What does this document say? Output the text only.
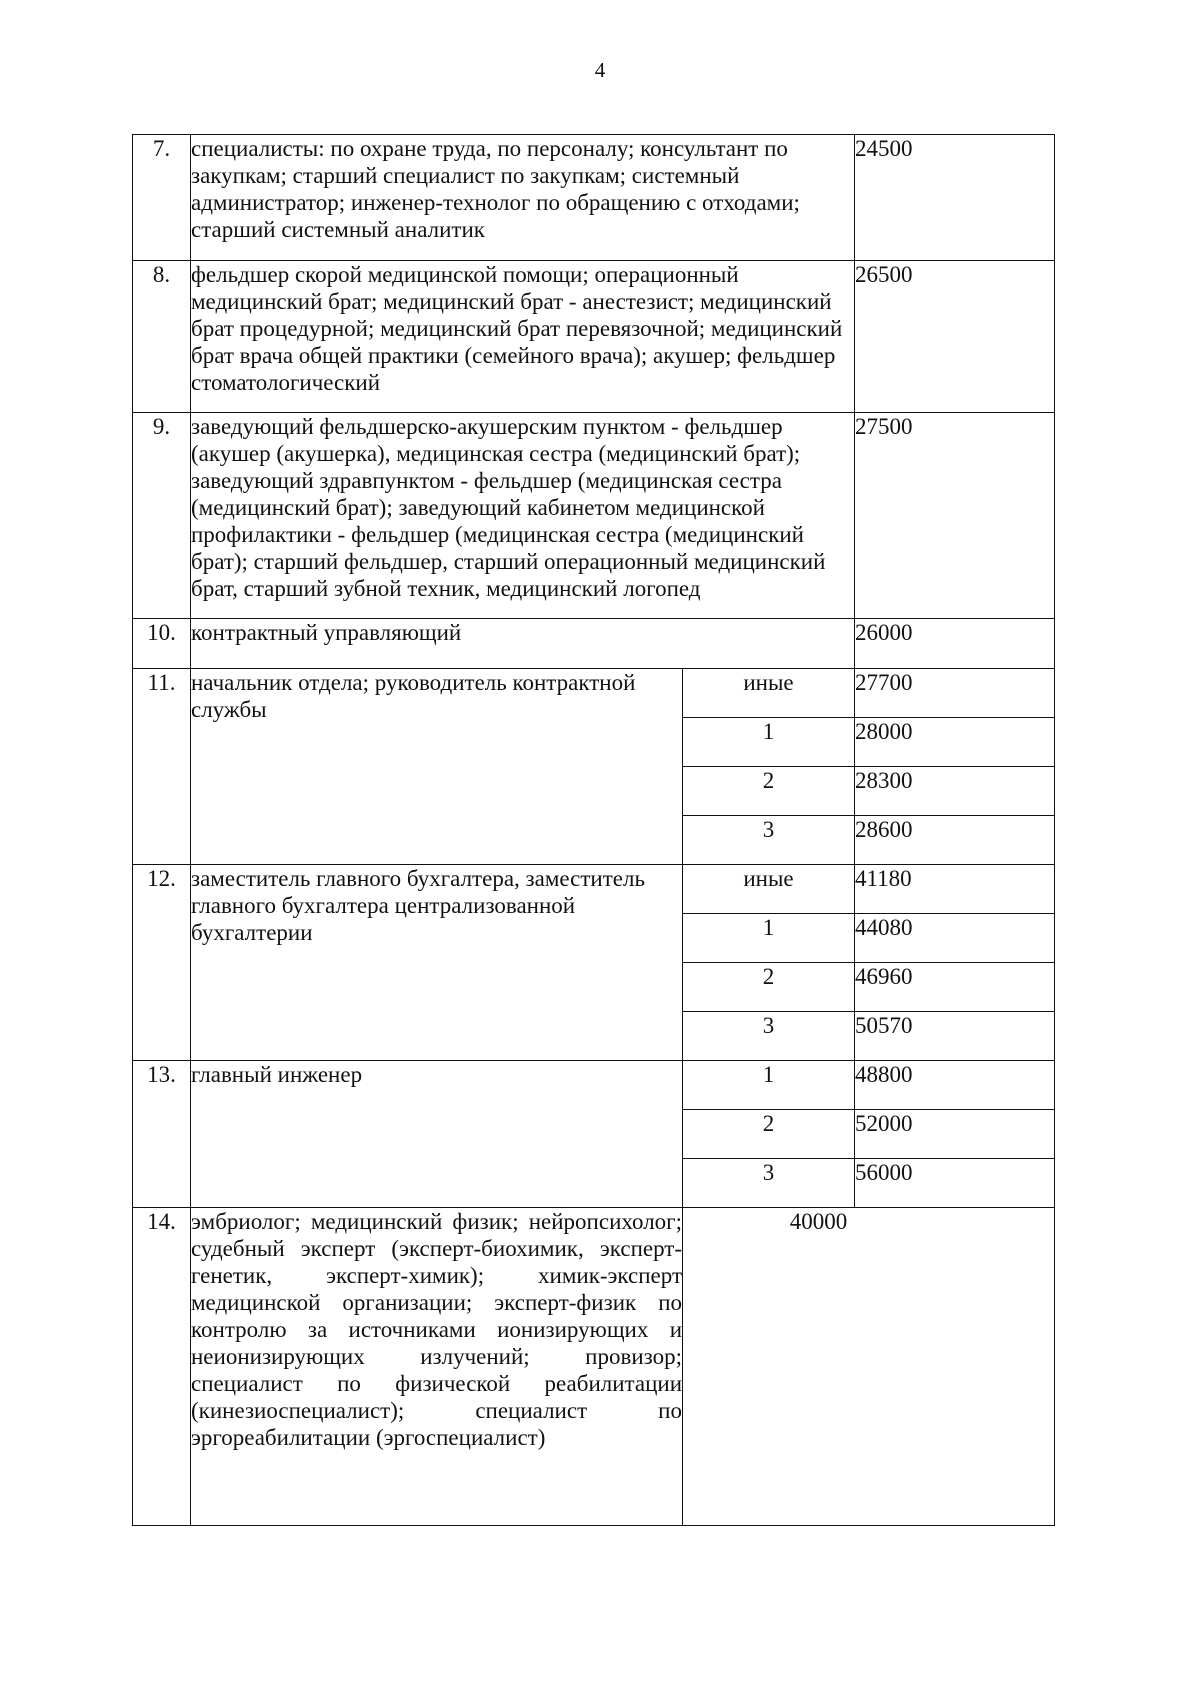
4
7.	специалисты: по охране труда, по персоналу; консультант по закупкам; старший специалист по закупкам; системный администратор; инженер-технолог по обращению с отходами; старший системный аналитик		24500
8.	фельдшер скорой медицинской помощи; операционный медицинский брат; медицинский брат - анестезист; медицинский брат процедурной; медицинский брат перевязочной; медицинский брат врача общей практики (семейного врача); акушер; фельдшер стоматологический		26500
9.	заведующий фельдшерско-акушерским пунктом - фельдшер (акушер (акушерка), медицинская сестра (медицинский брат); заведующий здравпунктом - фельдшер (медицинская сестра (медицинский брат); заведующий кабинетом медицинской профилактики - фельдшер (медицинская сестра (медицинский брат); старший фельдшер, старший операционный медицинский брат, старший зубной техник, медицинский логопед		27500
10.	контрактный управляющий		26000
11.	начальник отдела; руководитель контрактной службы	иные	27700
		1	28000
		2	28300
		3	28600
12.	заместитель главного бухгалтера, заместитель главного бухгалтера централизованной бухгалтерии	иные	41180
		1	44080
		2	46960
		3	50570
13.	главный инженер	1	48800
		2	52000
		3	56000
14.	эмбриолог; медицинский физик; нейропсихолог; судебный эксперт (эксперт-биохимик, эксперт-генетик, эксперт-химик); химик-эксперт медицинской организации; эксперт-физик по контролю за источниками ионизирующих и неионизирующих излучений; провизор; специалист по физической реабилитации (кинезиоспециалист); специалист по эргореабилитации (эргоспециалист)	40000	
